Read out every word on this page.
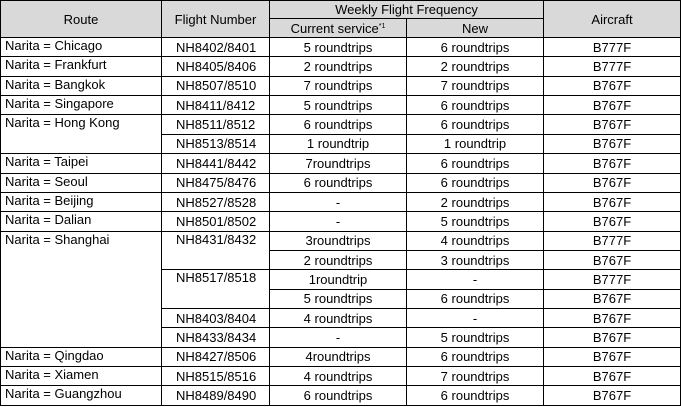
Route	Flight Number	Weekly Flight Frequency		Aircraft
		Current service$^{*1}$	New	
Narita = Chicago	NH8402/8401	5 roundtrips	6 roundtrips	B777F
Narita = Frankfurt	NH8405/8406	2 roundtrips	2 roundtrips	B777F
Narita = Bangkok	NH8507/8510	7 roundtrips	7 roundtrips	B767F
Narita = Singapore	NH8411/8412	5 roundtrips	6 roundtrips	B767F
Narita = Hong Kong	NH8511/8512	6 roundtrips	6 roundtrips	B767F
	NH8513/8514	1 roundtrip	1 roundtrip	B767F
Narita = Taipei	NH8441/8442	7roundtrips	6 roundtrips	B767F
Narita = Seoul	NH8475/8476	6 roundtrips	6 roundtrips	B767F
Narita = Beijing	NH8527/8528	-	2 roundtrips	B767F
Narita = Dalian	NH8501/8502	-	5 roundtrips	B767F
Narita = Shanghai	NH8431/8432	3roundtrips	4 roundtrips	B777F
		2 roundtrips	3 roundtrips	B767F
	NH8517/8518	1roundtrip	-	B777F
		5 roundtrips	6 roundtrips	B767F
	NH8403/8404	4 roundtrips	-	B767F
	NH8433/8434	-	5 roundtrips	B767F
Narita = Qingdao	NH8427/8506	4roundtrips	6 roundtrips	B767F
Narita = Xiamen	NH8515/8516	4 roundtrips	7 roundtrips	B767F
Narita = Guangzhou	NH8489/8490	6 roundtrips	6 roundtrips	B767F
